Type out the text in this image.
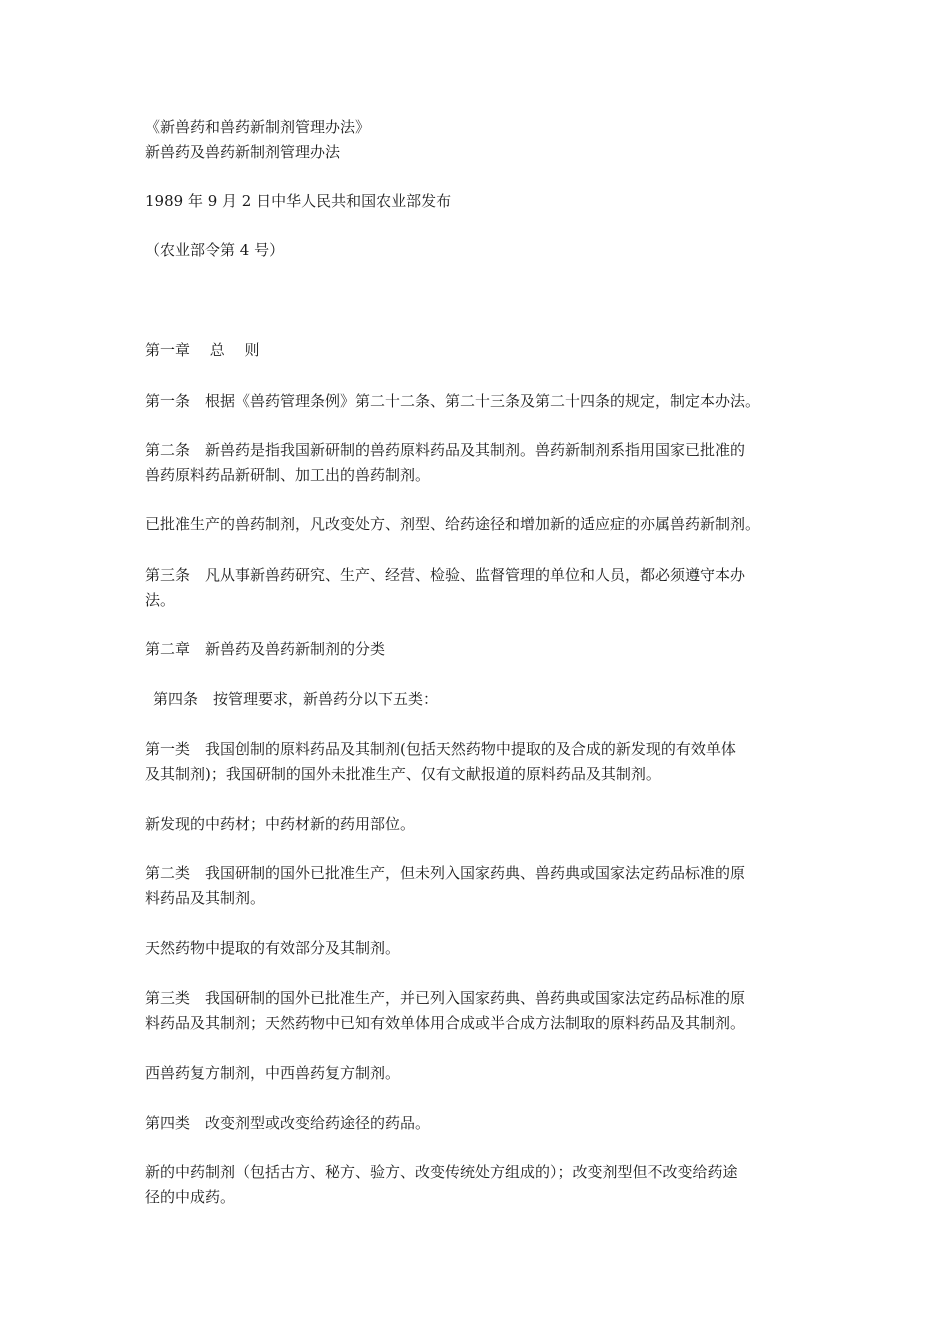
《新兽药和兽药新制剂管理办法》
新兽药及兽药新制剂管理办法
1989 年 9 月 2 日中华人民共和国农业部发布
（农业部令第 4 号）
第一章　 总　 则
第一条　根据《兽药管理条例》第二十二条、第二十三条及第二十四条的规定，制定本办法。
第二条　新兽药是指我国新研制的兽药原料药品及其制剂。兽药新制剂系指用国家已批准的
兽药原料药品新研制、加工出的兽药制剂。
已批准生产的兽药制剂，凡改变处方、剂型、给药途径和增加新的适应症的亦属兽药新制剂。
第三条　凡从事新兽药研究、生产、经营、检验、监督管理的单位和人员，都必须遵守本办
法。
第二章　新兽药及兽药新制剂的分类
第四条　按管理要求，新兽药分以下五类：
第一类　我国创制的原料药品及其制剂(包括天然药物中提取的及合成的新发现的有效单体
及其制剂)；我国研制的国外未批准生产、仅有文献报道的原料药品及其制剂。
新发现的中药材；中药材新的药用部位。
第二类　我国研制的国外已批准生产，但未列入国家药典、兽药典或国家法定药品标准的原
料药品及其制剂。
天然药物中提取的有效部分及其制剂。
第三类　我国研制的国外已批准生产，并已列入国家药典、兽药典或国家法定药品标准的原
料药品及其制剂；天然药物中已知有效单体用合成或半合成方法制取的原料药品及其制剂。
西兽药复方制剂，中西兽药复方制剂。
第四类　改变剂型或改变给药途径的药品。
新的中药制剂（包括古方、秘方、验方、改变传统处方组成的）；改变剂型但不改变给药途
径的中成药。
